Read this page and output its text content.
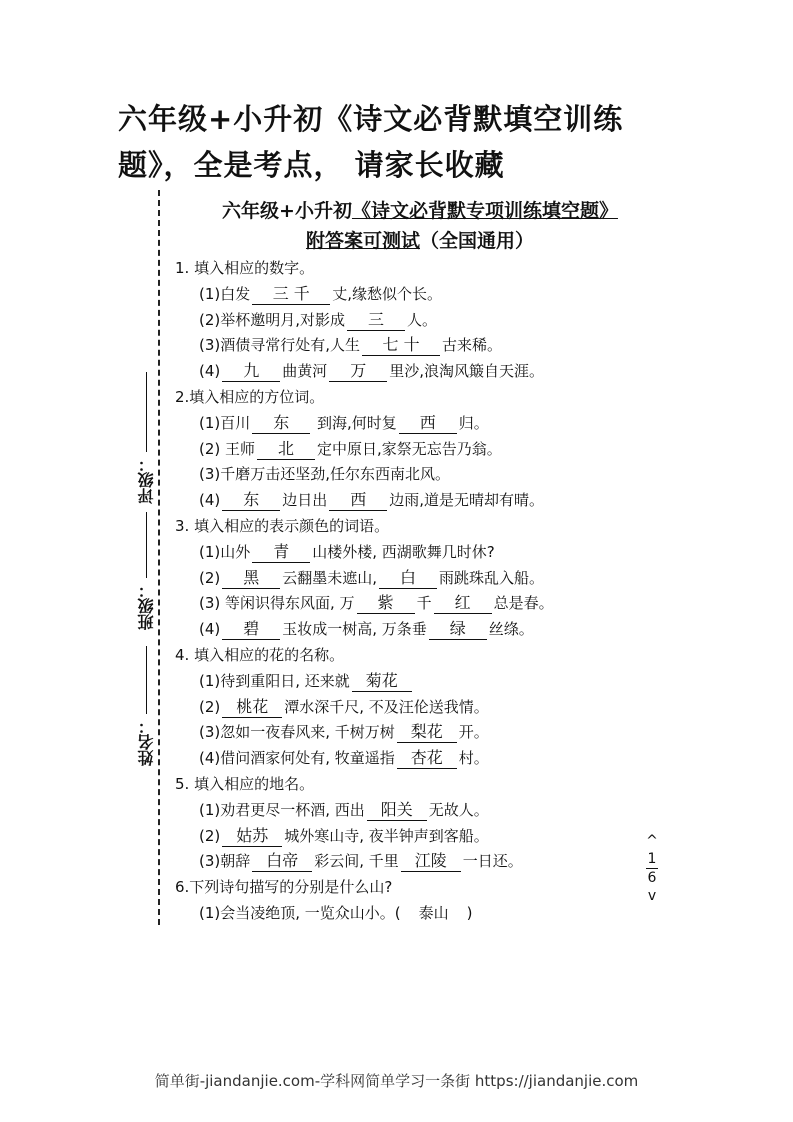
六年级+小升初《诗文必背默填空训练题》，全是考点， 请家长收藏
评级：
班级：
姓名：
六年级+小升初《诗文必背默专项训练填空题》
附答案可测试（全国通用）
1. 填入相应的数字。
(1)白发 三 千 丈,缘愁似个长。
(2)举杯邀明月,对影成 三 人。
(3)酒债寻常行处有,人生 七 十 古来稀。
(4) 九 曲黄河 万 里沙,浪淘风簸自天涯。
2.填入相应的方位词。
(1)百川 东 到海,何时复 西 归。
(2) 王师 北 定中原日,家祭无忘告乃翁。
(3)千磨万击还坚劲,任尔东西南北风。
(4) 东 边日出 西 边雨,道是无晴却有晴。
3. 填入相应的表示颜色的词语。
(1)山外 青 山楼外楼, 西湖歌舞几时休?
(2) 黑 云翻墨未遮山, 白 雨跳珠乱入船。
(3) 等闲识得东风面, 万 紫 千 红 总是春。
(4) 碧 玉妆成一树高, 万条垂 绿 丝绦。
4. 填入相应的花的名称。
(1)待到重阳日, 还来就 菊花
(2) 桃花 潭水深千尺, 不及汪伦送我情。
(3)忽如一夜春风来, 千树万树 梨花 开。
(4)借问酒家何处有, 牧童遥指 杏花 村。
5. 填入相应的地名。
(1)劝君更尽一杯酒, 西出 阳关 无故人。
(2) 姑苏 城外寒山寺, 夜半钟声到客船。
(3)朝辞 白帝 彩云间, 千里 江陵 一日还。
6.下列诗句描写的分别是什么山?
(1)会当凌绝顶, 一览众山小。( 泰山 )
^
1
6
v
简单街-jiandanjie.com-学科网简单学习一条街 https://jiandanjie.com
